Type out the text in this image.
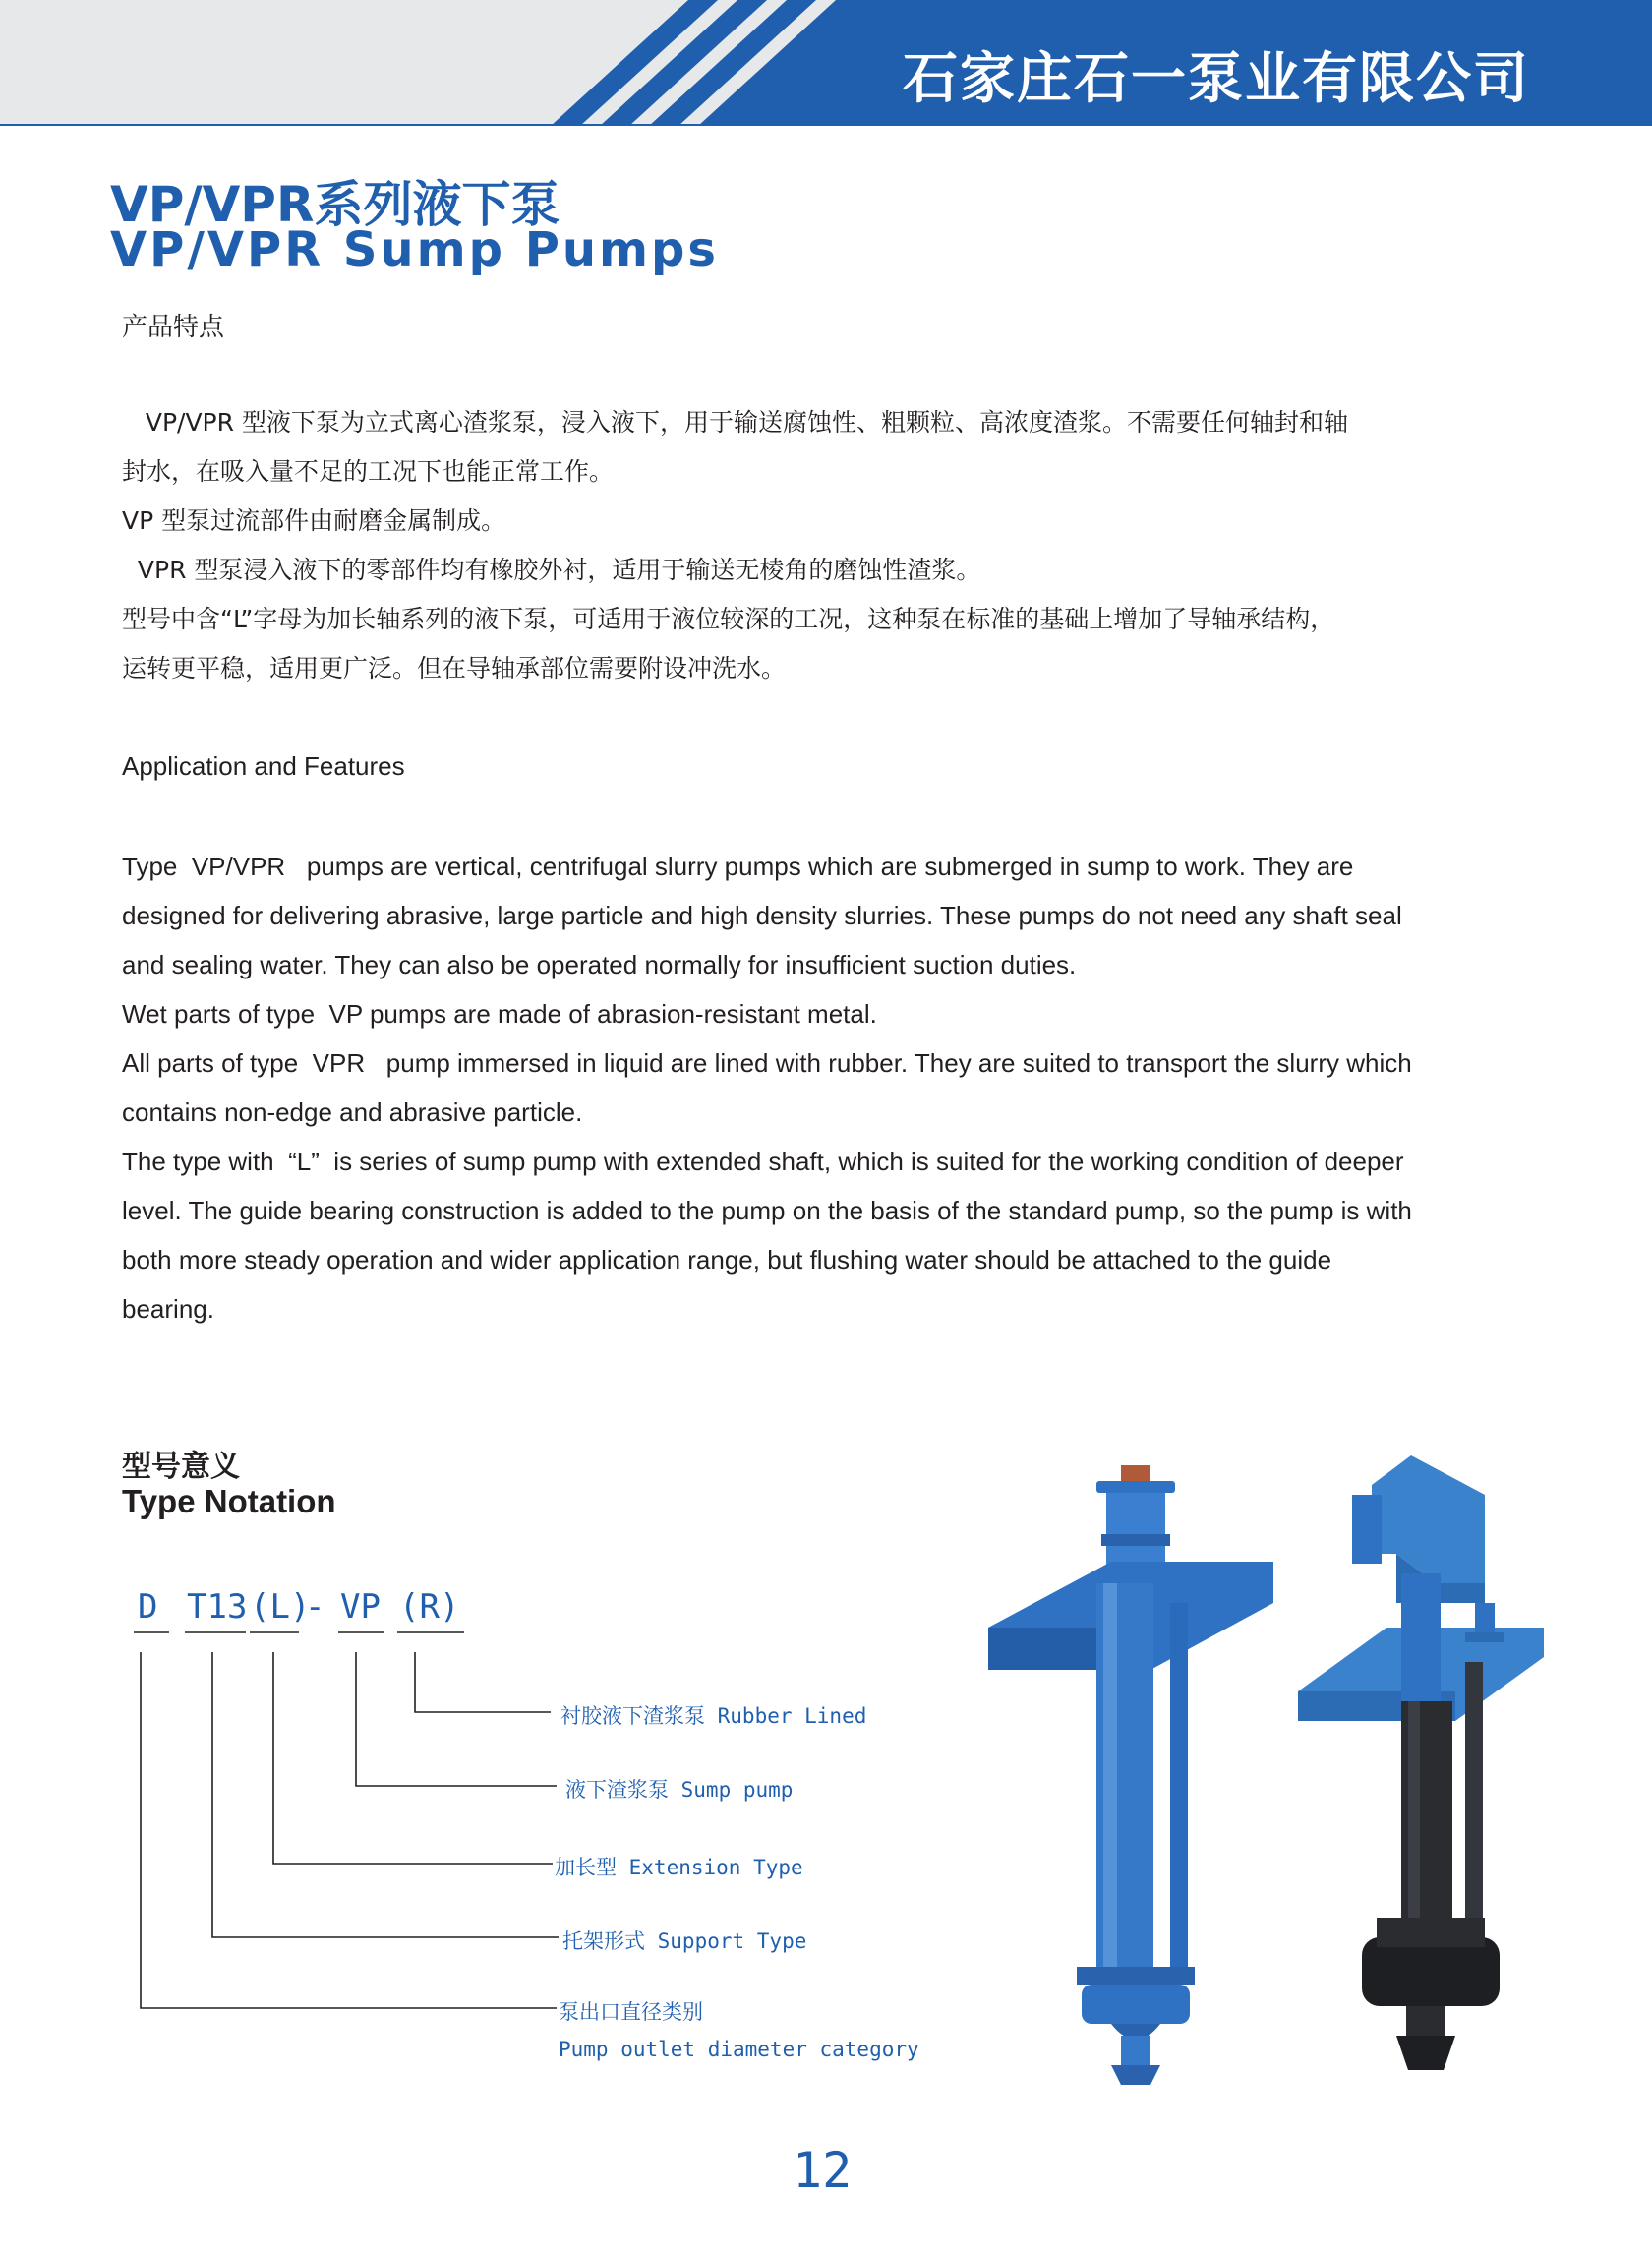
石家庄石一泵业有限公司
VP/VPR系列液下泵
VP/VPR Sump Pumps
产品特点

VP/VPR 型液下泵为立式离心渣浆泵，浸入液下，用于输送腐蚀性、粗颗粒、高浓度渣浆。不需要任何轴封和轴

封水，在吸入量不足的工况下也能正常工作。

VP 型泵过流部件由耐磨金属制成。

VPR 型泵浸入液下的零部件均有橡胶外衬，适用于输送无棱角的磨蚀性渣浆。

型号中含“L”字母为加长轴系列的液下泵，可适用于液位较深的工况，这种泵在标准的基础上增加了导轴承结构，

运转更平稳，适用更广泛。但在导轴承部位需要附设冲洗水。

Application and Features

Type  VP/VPR   pumps are vertical, centrifugal slurry pumps which are submerged in sump to work. They are

designed for delivering abrasive, large particle and high density slurries. These pumps do not need any shaft seal

and sealing water. They can also be operated normally for insufficient suction duties.

Wet parts of type  VP pumps are made of abrasion-resistant metal.

All parts of type  VPR   pump immersed in liquid are lined with rubber. They are suited to transport the slurry which

contains non-edge and abrasive particle.

The type with  “L”  is series of sump pump with extended shaft, which is suited for the working condition of deeper

level. The guide bearing construction is added to the pump on the basis of the standard pump, so the pump is with

both more steady operation and wider application range, but flushing water should be attached to the guide

bearing.

型号意义
Type Notation
D T13 (L)
- VP (R)
衬胶液下渣浆泵 Rubber Lined
液下渣浆泵 Sump pump
加长型 Extension Type
托架形式 Support Type
泵出口直径类别
Pump outlet diameter category
12
